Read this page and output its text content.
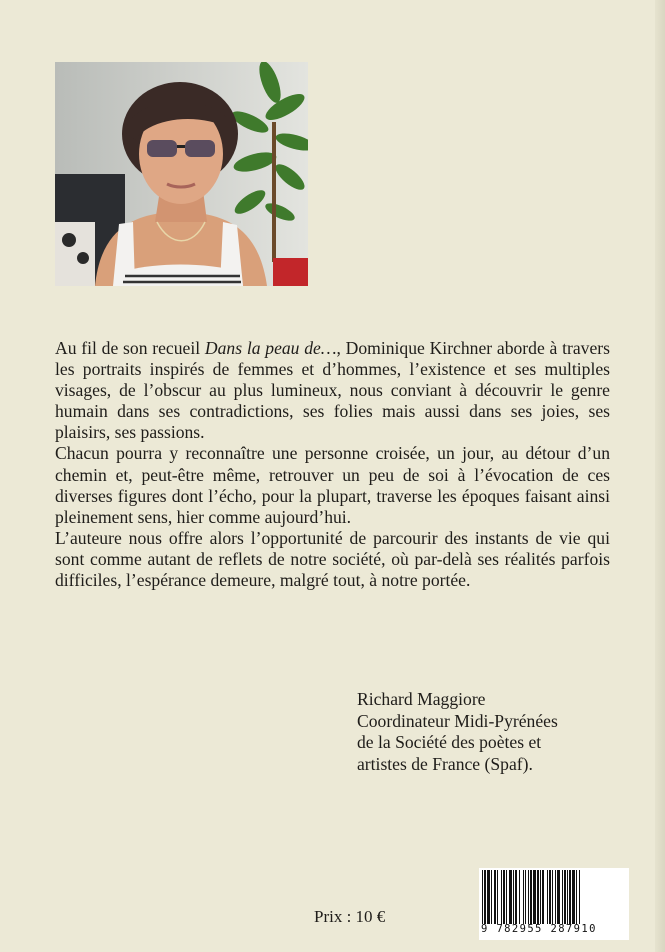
Au fil de son recueil Dans la peau de…, Dominique Kirchner aborde à travers les portraits inspirés de femmes et d’hommes, l’existence et ses multiples visages, de l’obscur au plus lumineux, nous conviant à découvrir le genre humain dans ses contradictions, ses folies mais aussi dans ses joies, ses plaisirs, ses passions.

Chacun pourra y reconnaître une personne croisée, un jour, au détour d’un chemin et, peut-être même, retrouver un peu de soi à l’évocation de ces diverses figures dont l’écho, pour la plupart, traverse les époques faisant ainsi pleinement sens, hier comme aujourd’hui.

L’auteure nous offre alors l’opportunité de parcourir des instants de vie qui sont comme autant de reflets de notre société, où par-delà ses réalités parfois difficiles, l’espérance demeure, malgré tout, à notre portée.

Richard Maggiore
Coordinateur Midi-Pyrénées
de la Société des poètes et
artistes de France (Spaf).
Prix : 10 €
9 782955 287910
